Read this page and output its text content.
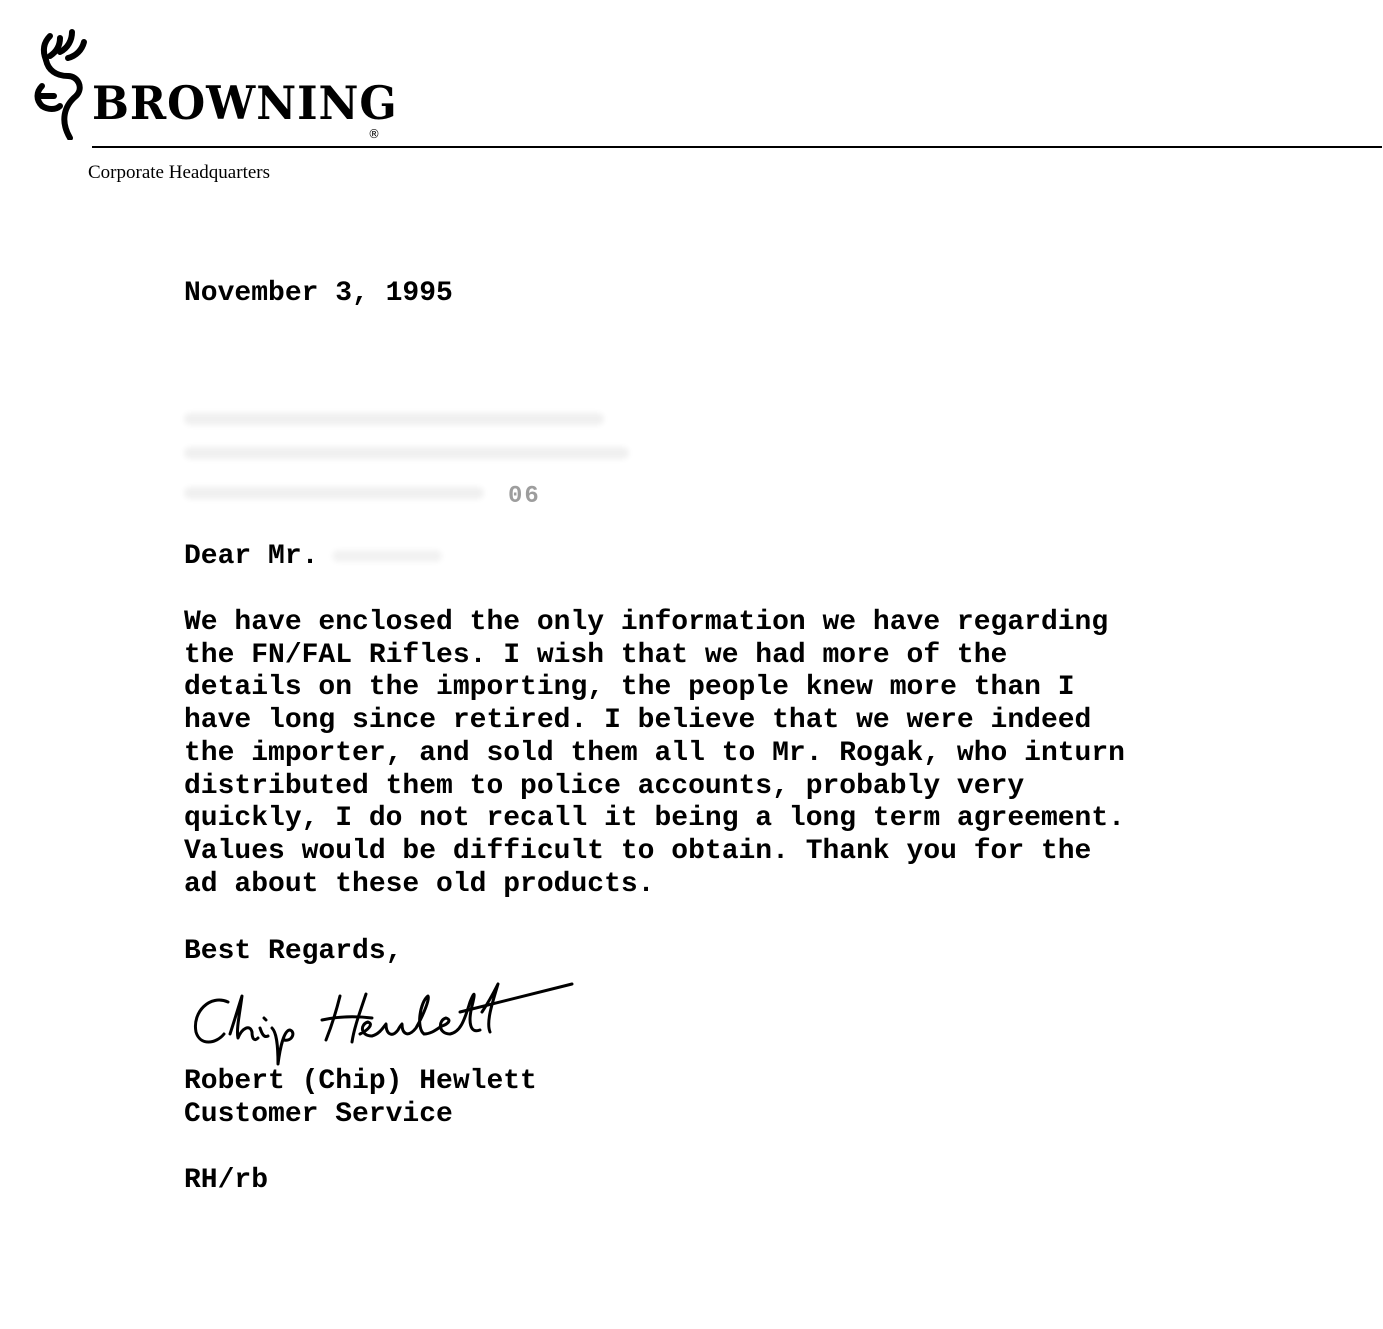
BROWNING
®
Corporate Headquarters
November 3, 1995
06
Dear Mr.
We have enclosed the only information we have regarding
the FN/FAL Rifles. I wish that we had more of the
details on the importing, the people knew more than I
have long since retired. I believe that we were indeed
the importer, and sold them all to Mr. Rogak, who inturn
distributed them to police accounts, probably very
quickly, I do not recall it being a long term agreement.
Values would be difficult to obtain. Thank you for the
ad about these old products.
Best Regards,
Robert (Chip) Hewlett
Customer Service
RH/rb
